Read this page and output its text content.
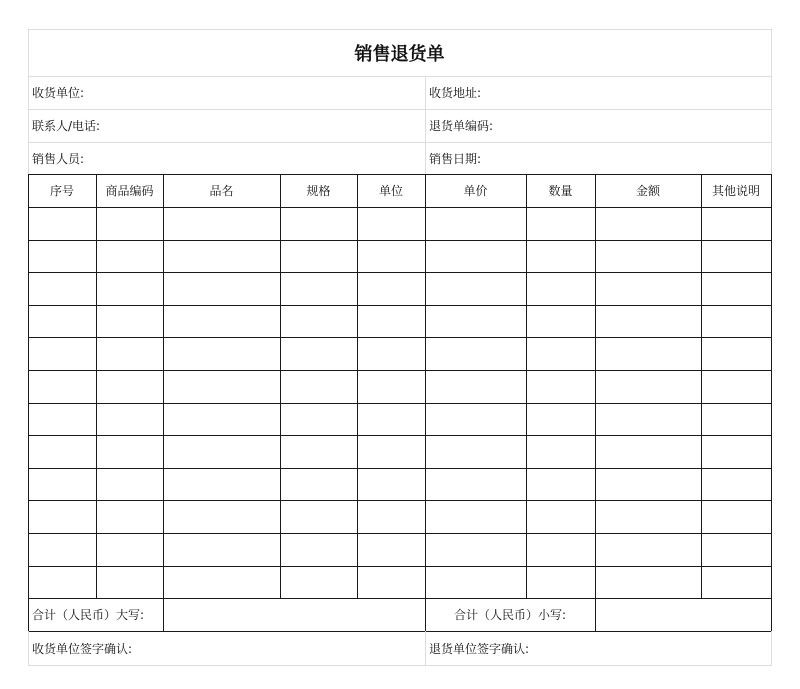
销售退货单
收货单位:	收货地址:
联系人/电话:	退货单编码:
销售人员:	销售日期:
序号	商品编码	品名	规格	单位	单价	数量	金额	其他说明
合计（人民币）大写:	合计（人民币）小写:
收货单位签字确认:	退货单位签字确认:
